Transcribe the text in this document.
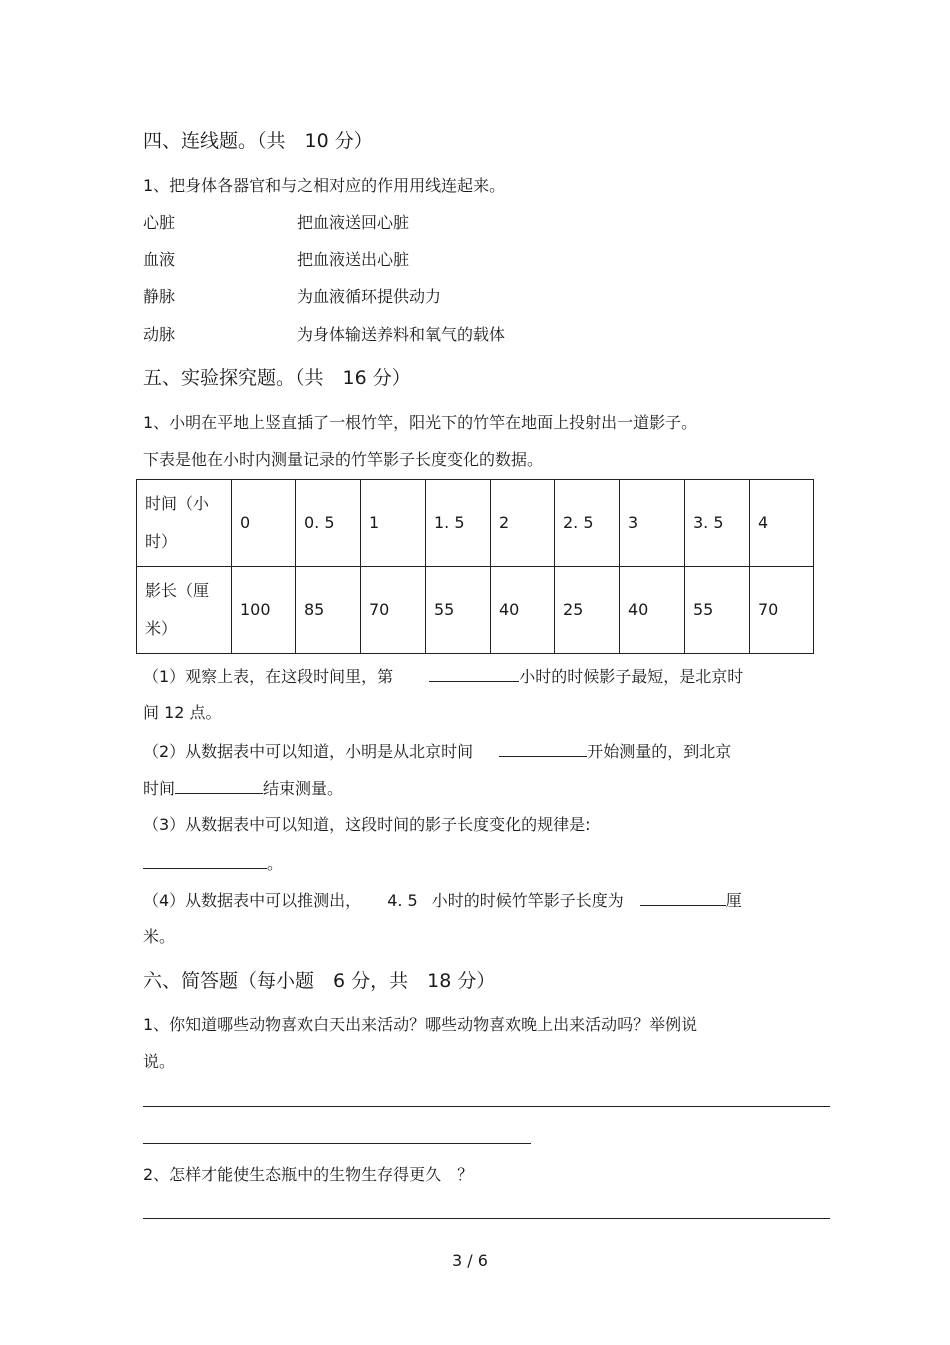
四、连线题。（共　10 分）
1、把身体各器官和与之相对应的作用用线连起来。
心脏	把血液送回心脏
血液	把血液送出心脏
静脉	为血液循环提供动力
动脉	为身体输送养料和氧气的载体
五、实验探究题。（共　16 分）
1、小明在平地上竖直插了一根竹竿，阳光下的竹竿在地面上投射出一道影子。
下表是他在小时内测量记录的竹竿影子长度变化的数据。
时间（小
时）	0	0. 5	1	1. 5	2	2. 5	3	3. 5	4
影长（厘
米）	100	85	70	55	40	25	40	55	70
（1）观察上表，在这段时间里，第	小时的时候影子最短，是北京时
间 12 点。
（2）从数据表中可以知道，小明是从北京时间	开始测量的，到北京
时间	结束测量。
（3）从数据表中可以知道，这段时间的影子长度变化的规律是:
。
（4）从数据表中可以推测出， 4. 5 小时的时候竹竿影子长度为	厘
米。
六、简答题（每小题　6 分，共　18 分）
1、你知道哪些动物喜欢白天出来活动？哪些动物喜欢晚上出来活动吗？举例说
说。
2、怎样才能使生态瓶中的生物生存得更久　？
3 / 6
